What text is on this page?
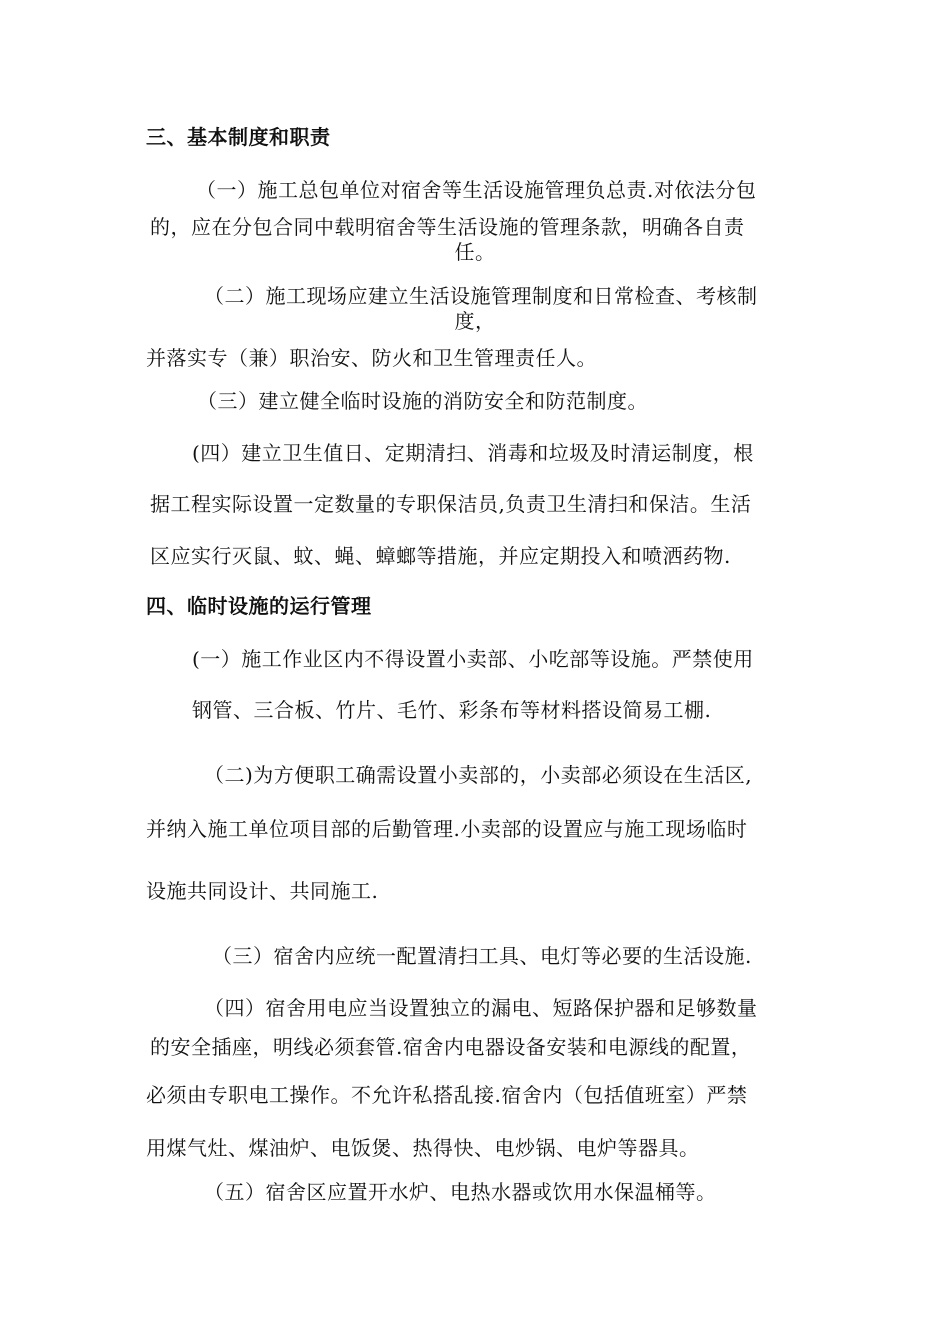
三、基本制度和职责
（一）施工总包单位对宿舍等生活设施管理负总责.对依法分包
的，应在分包合同中载明宿舍等生活设施的管理条款，明确各自责
任。
（二）施工现场应建立生活设施管理制度和日常检查、考核制
度，
并落实专（兼）职治安、防火和卫生管理责任人。
（三）建立健全临时设施的消防安全和防范制度。
(四）建立卫生值日、定期清扫、消毒和垃圾及时清运制度，根
据工程实际设置一定数量的专职保洁员,负责卫生清扫和保洁。生活
区应实行灭鼠、蚊、蝇、蟑螂等措施，并应定期投入和喷洒药物.
四、临时设施的运行管理
(一）施工作业区内不得设置小卖部、小吃部等设施。严禁使用
钢管、三合板、竹片、毛竹、彩条布等材料搭设简易工棚.
（二)为方便职工确需设置小卖部的，小卖部必须设在生活区,
并纳入施工单位项目部的后勤管理.小卖部的设置应与施工现场临时
设施共同设计、共同施工.
（三）宿舍内应统一配置清扫工具、电灯等必要的生活设施.
（四）宿舍用电应当设置独立的漏电、短路保护器和足够数量
的安全插座，明线必须套管.宿舍内电器设备安装和电源线的配置，
必须由专职电工操作。不允许私搭乱接.宿舍内（包括值班室）严禁
用煤气灶、煤油炉、电饭煲、热得快、电炒锅、电炉等器具。
（五）宿舍区应置开水炉、电热水器或饮用水保温桶等。
